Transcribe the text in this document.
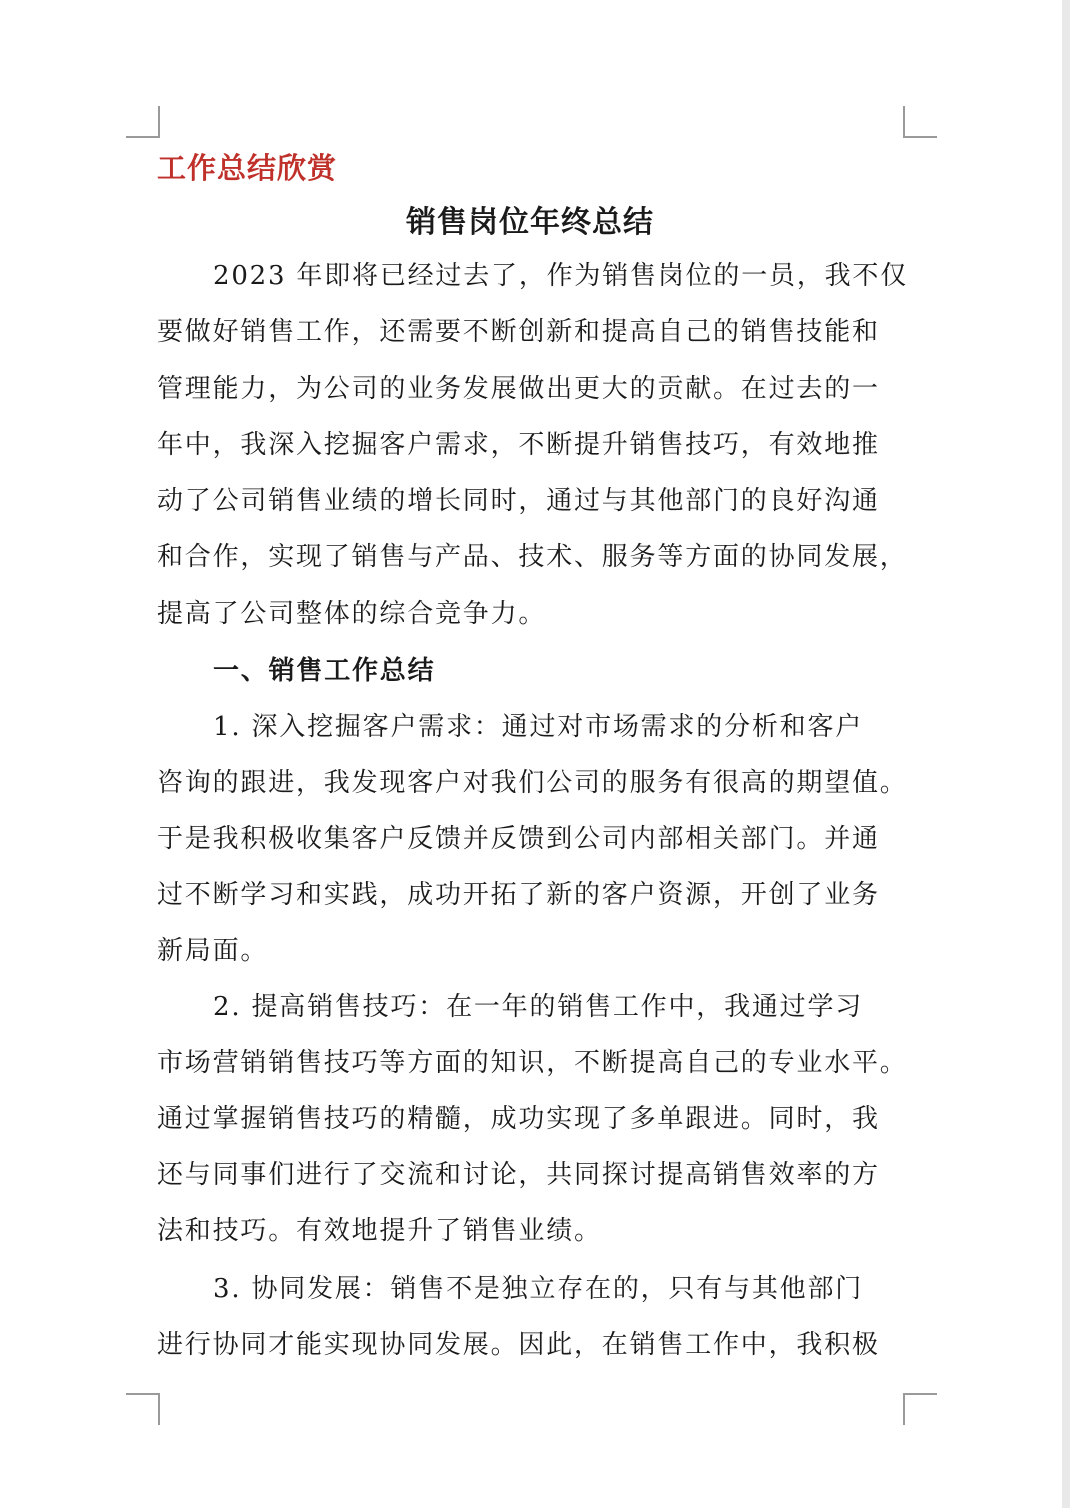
工作总结欣赏
销售岗位年终总结
2023 年即将已经过去了，作为销售岗位的一员，我不仅
要做好销售工作，还需要不断创新和提高自己的销售技能和
管理能力，为公司的业务发展做出更大的贡献。在过去的一
年中，我深入挖掘客户需求，不断提升销售技巧，有效地推
动了公司销售业绩的增长同时，通过与其他部门的良好沟通
和合作，实现了销售与产品、技术、服务等方面的协同发展，
提高了公司整体的综合竞争力。
一、销售工作总结
1. 深入挖掘客户需求：通过对市场需求的分析和客户
咨询的跟进，我发现客户对我们公司的服务有很高的期望值。
于是我积极收集客户反馈并反馈到公司内部相关部门。并通
过不断学习和实践，成功开拓了新的客户资源，开创了业务
新局面。
2. 提高销售技巧：在一年的销售工作中，我通过学习
市场营销销售技巧等方面的知识，不断提高自己的专业水平。
通过掌握销售技巧的精髓，成功实现了多单跟进。同时，我
还与同事们进行了交流和讨论，共同探讨提高销售效率的方
法和技巧。有效地提升了销售业绩。
3. 协同发展：销售不是独立存在的，只有与其他部门
进行协同才能实现协同发展。因此，在销售工作中，我积极
